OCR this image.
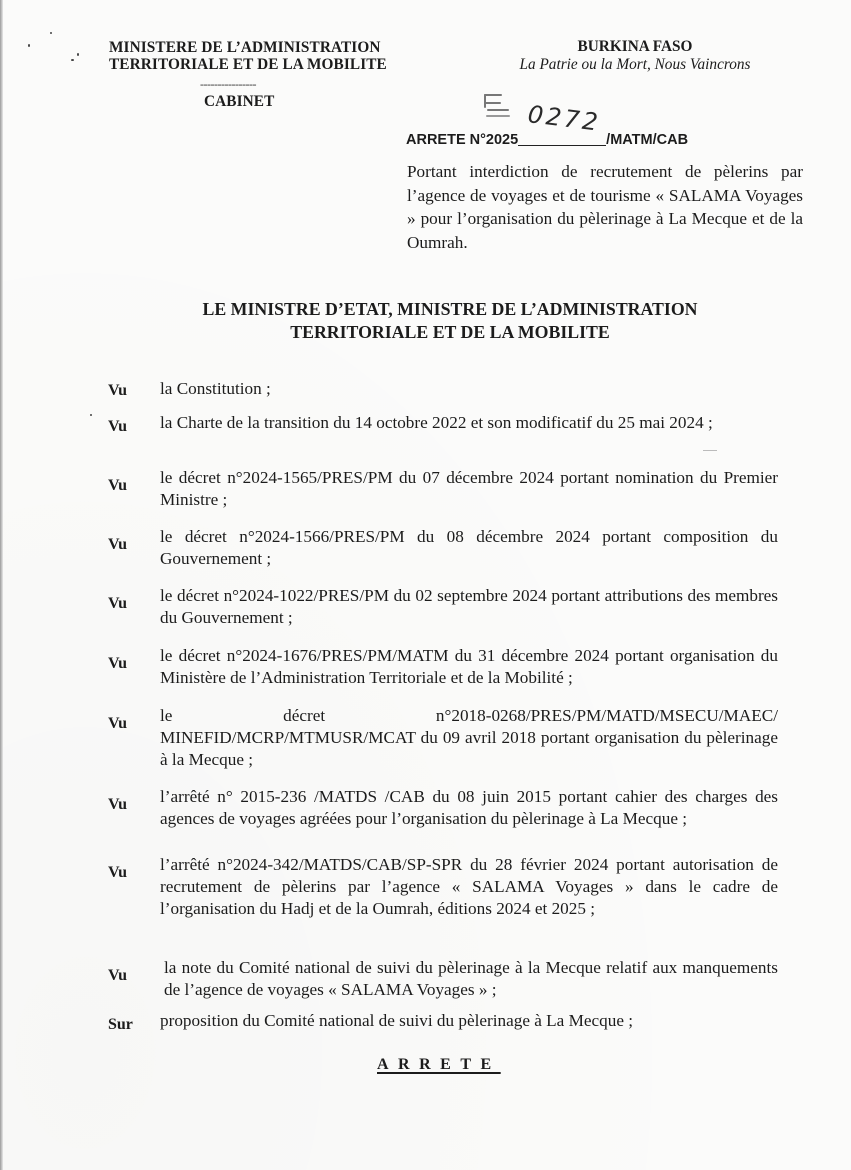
MINISTERE DE L’ADMINISTRATION
TERRITORIALE ET DE LA MOBILITE
----------------
CABINET
BURKINA FASO
La Patrie ou la Mort, Nous Vaincrons
0272
ARRETE N°2025	/MATM/CAB
Portant interdiction de recrutement de pèlerins par l’agence de voyages et de tourisme « SALAMA Voyages » pour l’organisation du pèlerinage à La Mecque et de la Oumrah.
LE MINISTRE D’ETAT, MINISTRE DE L’ADMINISTRATION
TERRITORIALE ET DE LA MOBILITE
Vu la Constitution ;
Vu la Charte de la transition du 14 octobre 2022 et son modificatif du 25 mai 2024 ;
Vu le décret n°2024-1565/PRES/PM du 07 décembre 2024 portant nomination du Premier Ministre ;
Vu le décret n°2024-1566/PRES/PM du 08 décembre 2024 portant composition du Gouvernement ;
Vu le décret n°2024-1022/PRES/PM du 02 septembre 2024 portant attributions des membres du Gouvernement ;
Vu le décret n°2024-1676/PRES/PM/MATM du 31 décembre 2024 portant organisation du Ministère de l’Administration Territoriale et de la Mobilité ;
Vu le décret n°2018-0268/PRES/PM/MATD/MSECU/MAEC/ MINEFID/MCRP/MTMUSR/MCAT du 09 avril 2018 portant organisation du pèlerinage à la Mecque ;
Vu l’arrêté n° 2015-236 /MATDS /CAB du 08 juin 2015 portant cahier des charges des agences de voyages agréées pour l’organisation du pèlerinage à La Mecque ;
Vu l’arrêté n°2024-342/MATDS/CAB/SP-SPR du 28 février 2024 portant autorisation de recrutement de pèlerins par l’agence « SALAMA Voyages » dans le cadre de l’organisation du Hadj et de la Oumrah, éditions 2024 et 2025 ;
Vu la note du Comité national de suivi du pèlerinage à la Mecque relatif aux manquements de l’agence de voyages « SALAMA Voyages » ;
Sur proposition du Comité national de suivi du pèlerinage à La Mecque ;
ARRETE
